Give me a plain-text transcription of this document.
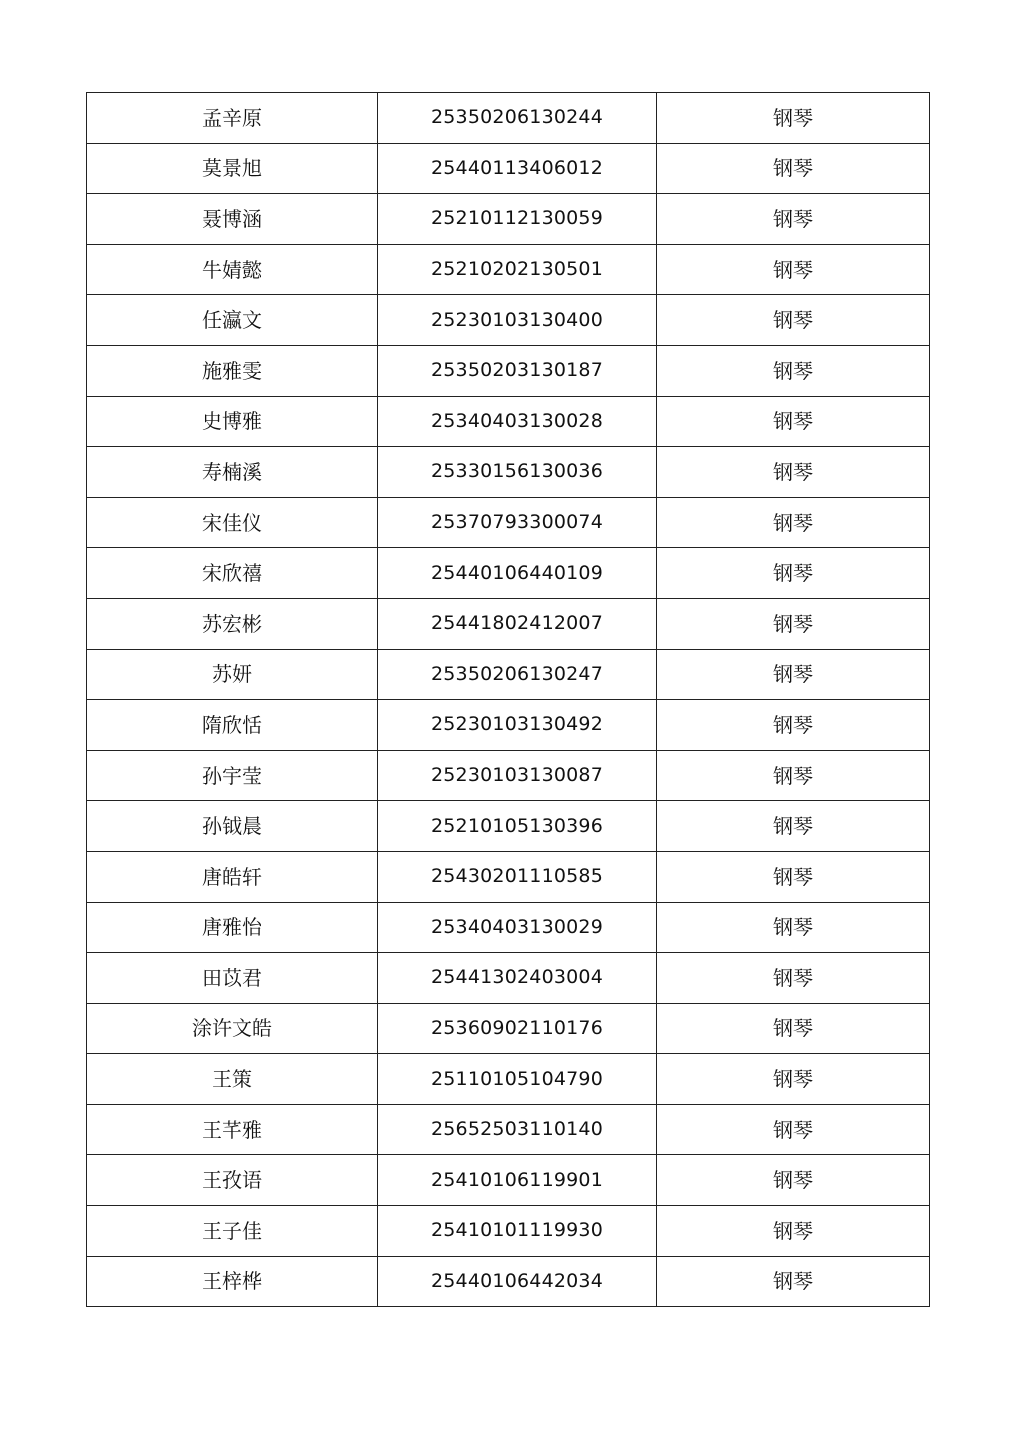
孟辛原	25350206130244	钢琴
莫景旭	25440113406012	钢琴
聂博涵	25210112130059	钢琴
牛婧懿	25210202130501	钢琴
任瀛文	25230103130400	钢琴
施雅雯	25350203130187	钢琴
史博雅	25340403130028	钢琴
寿楠溪	25330156130036	钢琴
宋佳仪	25370793300074	钢琴
宋欣禧	25440106440109	钢琴
苏宏彬	25441802412007	钢琴
苏妍	25350206130247	钢琴
隋欣恬	25230103130492	钢琴
孙宇莹	25230103130087	钢琴
孙钺晨	25210105130396	钢琴
唐皓轩	25430201110585	钢琴
唐雅怡	25340403130029	钢琴
田苡君	25441302403004	钢琴
涂许文皓	25360902110176	钢琴
王策	25110105104790	钢琴
王芊雅	25652503110140	钢琴
王孜语	25410106119901	钢琴
王子佳	25410101119930	钢琴
王梓桦	25440106442034	钢琴
